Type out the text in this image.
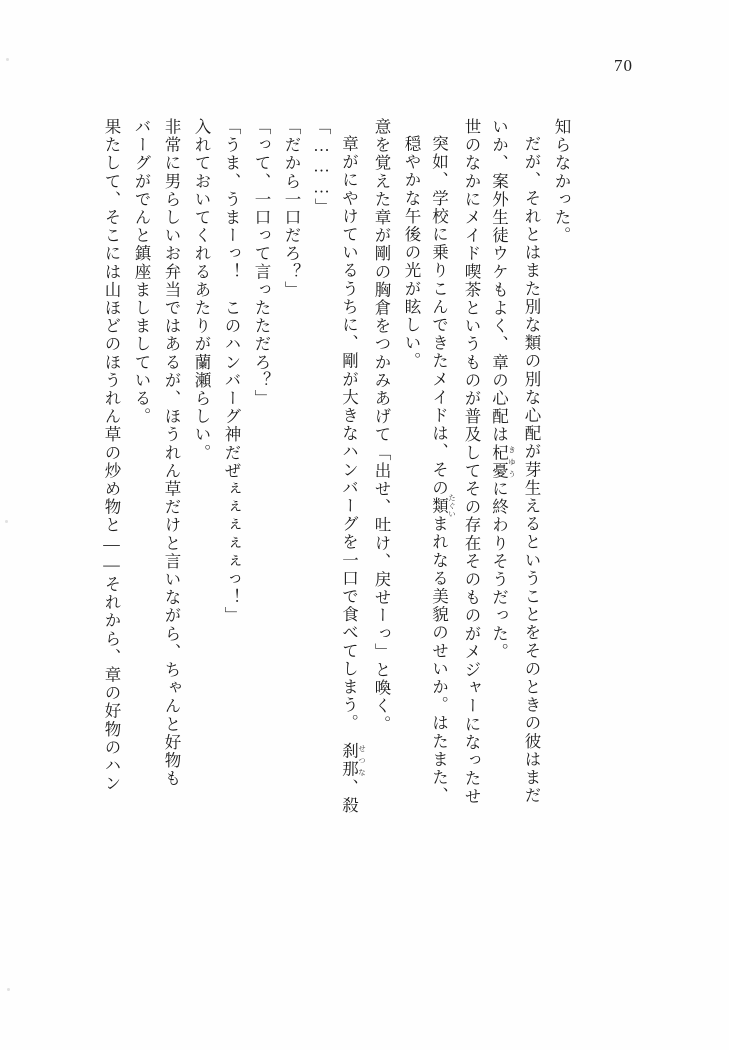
70
果たして、そこには山ほどのほうれん草の炒め物と――それから、章の好物のハン バーグがでんと鎮座ましましている。 非常に男らしいお弁当ではあるが、ほうれん草だけと言いながら、ちゃんと好物も 入れておいてくれるあたりが蘭瀬らしい。 「うま、うまーっ！　このハンバーグ神だぜぇぇぇぇぇっ！」 「って、一口って言ったただろ？」 「だから一口だろ？」 「………」 章がにやけているうちに、剛が大きなハンバーグを一口で食べてしまう。　刹那 せつな、殺
意を覚えた章が剛の胸倉をつかみあげて「出せ、吐け、戻せーっ」と喚く。 穏やかな午後の光が眩しい。 突如、学校に乗りこんできたメイドは、その類 たぐいまれなる美貌のせいか。はたまた、 世のなかにメイド喫茶というものが普及してその存在そのものがメジャーになったせ いか、案外生徒ウケもよく、章の心配は杞憂 きゆうに終わりそうだった。 だが、それとはまた別な類の別な心配が芽生えるということをそのときの彼はまだ 知らなかった。
